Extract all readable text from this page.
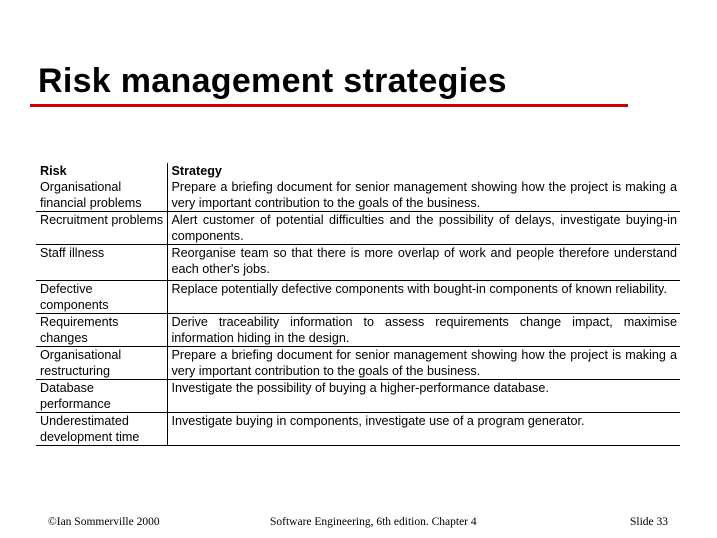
Risk management strategies
Risk	Strategy
Organisational financial problems	Prepare a briefing document for senior management showing how the project is making a very important contribution to the goals of the business.
Recruitment problems	Alert customer of potential difficulties and the possibility of delays, investigate buying-in components.
Staff illness	Reorganise team so that there is more overlap of work and people therefore understand each other's jobs.
Defective components	Replace potentially defective components with bought-in components of known reliability.
Requirements changes	Derive traceability information to assess requirements change impact, maximise information hiding in the design.
Organisational restructuring	Prepare a briefing document for senior management showing how the project is making a very important contribution to the goals of the business.
Database performance	Investigate the possibility of buying a higher-performance database.
Underestimated development time	Investigate buying in components, investigate use of a program generator.
©Ian Sommerville 2000	Software Engineering, 6th edition. Chapter 4	Slide 33
